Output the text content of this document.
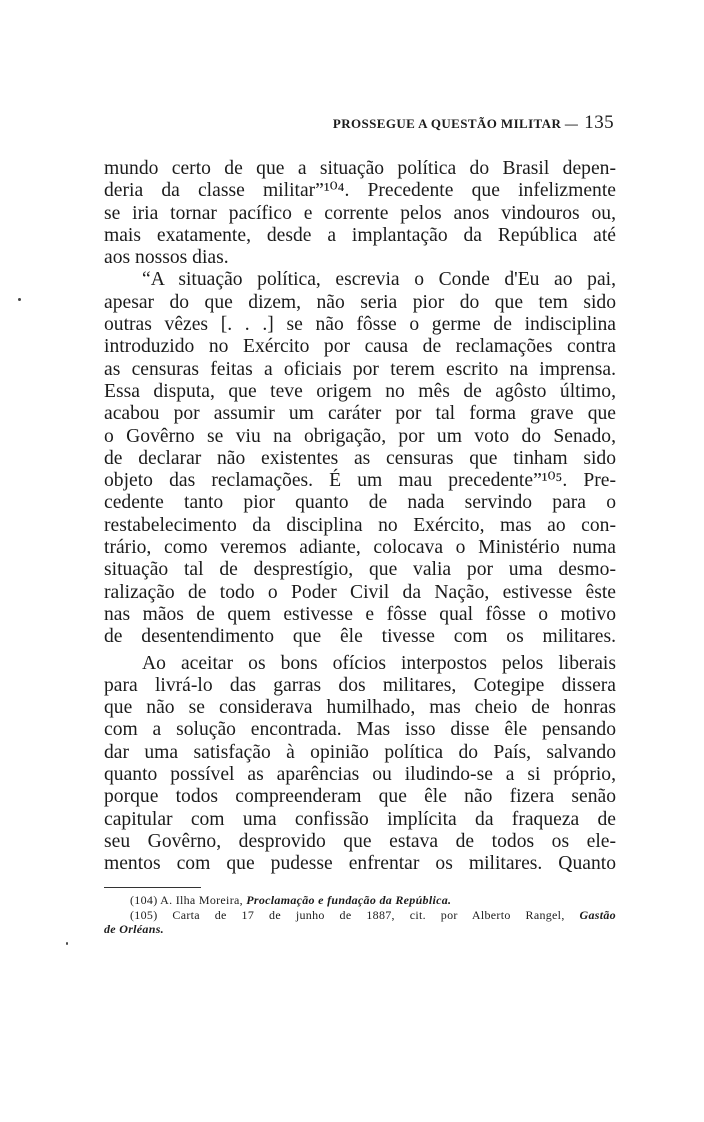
PROSSEGUE A QUESTÃO MILITAR — 135
mundo certo de que a situação política do Brasil depen-
deria da classe militar”¹⁰⁴. Precedente que infelizmente
se iria tornar pacífico e corrente pelos anos vindouros ou,
mais exatamente, desde a implantação da República até
aos nossos dias.
“A situação política, escrevia o Conde d'Eu ao pai,
apesar do que dizem, não seria pior do que tem sido
outras vêzes [. . .] se não fôsse o germe de indisciplina
introduzido no Exército por causa de reclamações contra
as censuras feitas a oficiais por terem escrito na imprensa.
Essa disputa, que teve origem no mês de agôsto último,
acabou por assumir um caráter por tal forma grave que
o Govêrno se viu na obrigação, por um voto do Senado,
de declarar não existentes as censuras que tinham sido
objeto das reclamações. É um mau precedente”¹⁰⁵. Pre-
cedente tanto pior quanto de nada servindo para o
restabelecimento da disciplina no Exército, mas ao con-
trário, como veremos adiante, colocava o Ministério numa
situação tal de desprestígio, que valia por uma desmo-
ralização de todo o Poder Civil da Nação, estivesse êste
nas mãos de quem estivesse e fôsse qual fôsse o motivo
de desentendimento que êle tivesse com os militares.
Ao aceitar os bons ofícios interpostos pelos liberais
para livrá-lo das garras dos militares, Cotegipe dissera
que não se considerava humilhado, mas cheio de honras
com a solução encontrada. Mas isso disse êle pensando
dar uma satisfação à opinião política do País, salvando
quanto possível as aparências ou iludindo-se a si próprio,
porque todos compreenderam que êle não fizera senão
capitular com uma confissão implícita da fraqueza de
seu Govêrno, desprovido que estava de todos os ele-
mentos com que pudesse enfrentar os militares. Quanto
(104) A. Ilha Moreira, Proclamação e fundação da República.
(105) Carta de 17 de junho de 1887, cit. por Alberto Rangel, Gastão
de Orléans.
